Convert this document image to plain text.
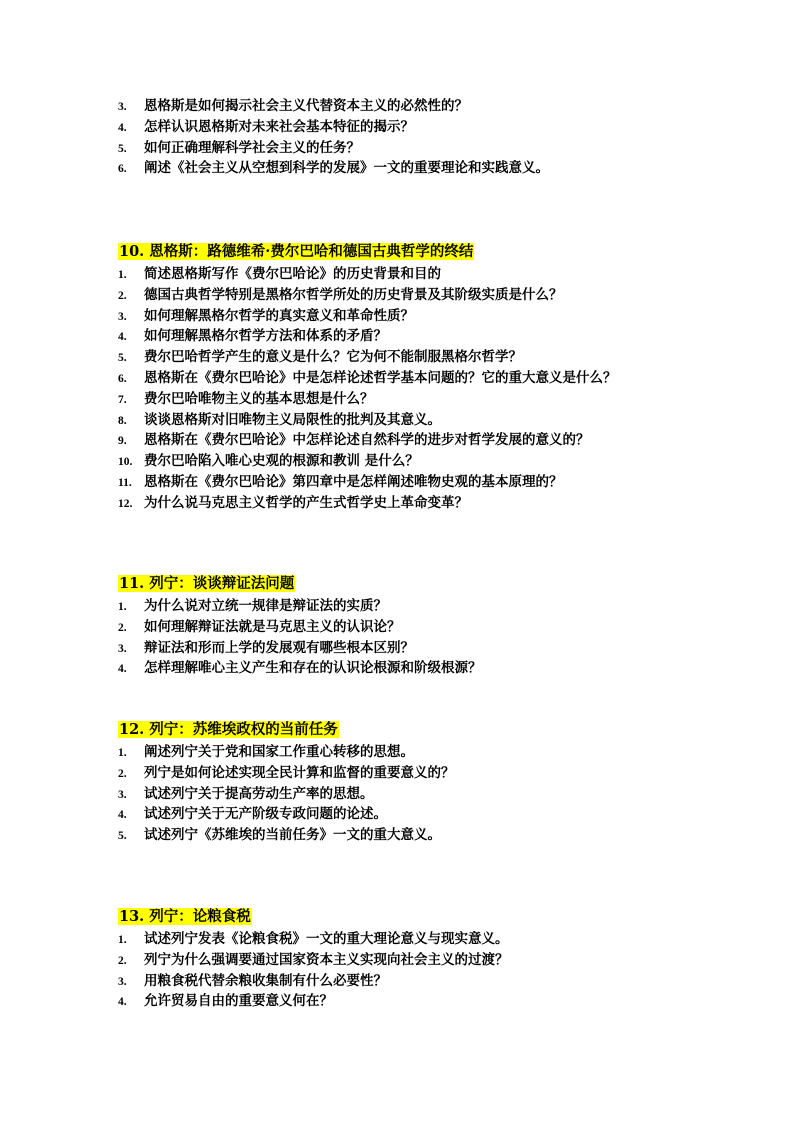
3. 恩格斯是如何揭示社会主义代替资本主义的必然性的？
4. 怎样认识恩格斯对未来社会基本特征的揭示？
5. 如何正确理解科学社会主义的任务？
6. 阐述《社会主义从空想到科学的发展》一文的重要理论和实践意义。
10. 恩格斯：路德维希·费尔巴哈和德国古典哲学的终结
1. 简述恩格斯写作《费尔巴哈论》的历史背景和目的
2. 德国古典哲学特别是黑格尔哲学所处的历史背景及其阶级实质是什么？
3. 如何理解黑格尔哲学的真实意义和革命性质？
4. 如何理解黑格尔哲学方法和体系的矛盾？
5. 费尔巴哈哲学产生的意义是什么？它为何不能制服黑格尔哲学？
6. 恩格斯在《费尔巴哈论》中是怎样论述哲学基本问题的？它的重大意义是什么？
7. 费尔巴哈唯物主义的基本思想是什么？
8. 谈谈恩格斯对旧唯物主义局限性的批判及其意义。
9. 恩格斯在《费尔巴哈论》中怎样论述自然科学的进步对哲学发展的意义的？
10. 费尔巴哈陷入唯心史观的根源和教训 是什么？
11. 恩格斯在《费尔巴哈论》第四章中是怎样阐述唯物史观的基本原理的？
12. 为什么说马克思主义哲学的产生式哲学史上革命变革？
11. 列宁：谈谈辩证法问题
1. 为什么说对立统一规律是辩证法的实质？
2. 如何理解辩证法就是马克思主义的认识论？
3. 辩证法和形而上学的发展观有哪些根本区别？
4. 怎样理解唯心主义产生和存在的认识论根源和阶级根源？
12. 列宁：苏维埃政权的当前任务
1. 阐述列宁关于党和国家工作重心转移的思想。
2. 列宁是如何论述实现全民计算和监督的重要意义的？
3. 试述列宁关于提高劳动生产率的思想。
4. 试述列宁关于无产阶级专政问题的论述。
5. 试述列宁《苏维埃的当前任务》一文的重大意义。
13. 列宁：论粮食税
1. 试述列宁发表《论粮食税》一文的重大理论意义与现实意义。
2. 列宁为什么强调要通过国家资本主义实现向社会主义的过渡？
3. 用粮食税代替余粮收集制有什么必要性？
4. 允许贸易自由的重要意义何在？
